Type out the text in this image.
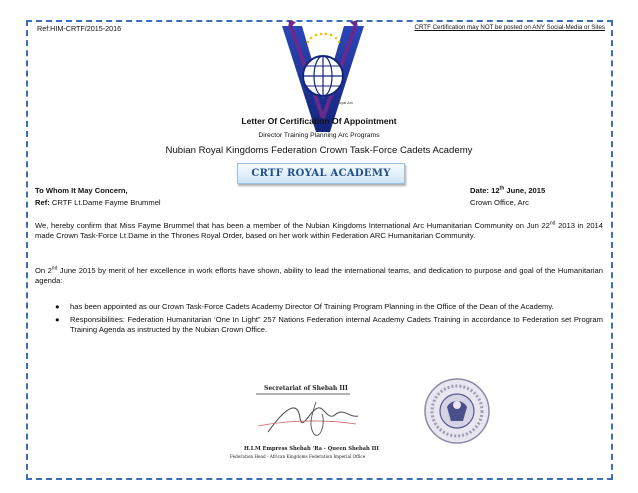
Ref:HIM-CRTF/2015-2016	CRTF Certification may NOT be posted on ANY Social-Media or Sites
Royal Arc
Letter Of Certification Of Appointment
Director Training Planning Arc Programs
Nubian Royal Kingdoms Federation Crown Task-Force Cadets Academy
CRTF ROYAL ACADEMY
To Whom It May Concern,	Date: 12th June, 2015
Ref: CRTF Lt.Dame Fayme Brummel	Crown Office, Arc
We, hereby confirm that Miss Fayme Brummel that has been a member of the Nubian Kingdoms International Arc Humanitarian Community on Jun 22nd 2013 in 2014 made Crown Task-Force Lt.Dame in the Thrones Royal Order, based on her work within Federation ARC Humanitarian Community.
On 2nd June 2015 by merit of her excellence in work efforts have shown, ability to lead the international teams, and dedication to purpose and goal of the Humanitarian agenda:
● has been appointed as our Crown Task-Force Cadets Academy Director Of Training Program Planning in the Office of the Dean of the Academy.
● Responsibilities: Federation Humanitarian ‘One In Light” 257 Nations Federation internal Academy Cadets Training in accordance to Federation set Program Training Agenda as instructed by the Nubian Crown Office.
Secretariat of Shebah III
H.I.M Empress Shebah 'Ra - Queen Shebah III
Federation Head - African Kingdoms Federation Imperial Office
